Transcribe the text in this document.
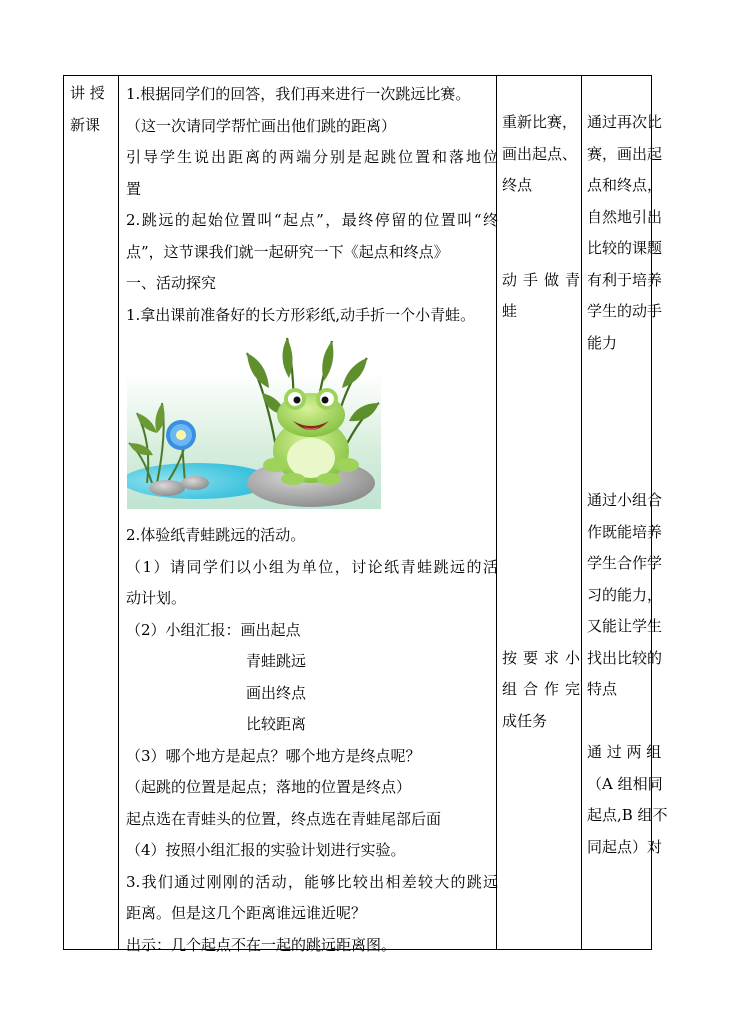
讲 授
新课
1.根据同学们的回答，我们再来进行一次跳远比赛。
（这一次请同学帮忙画出他们跳的距离）
引导学生说出距离的两端分别是起跳位置和落地位
置
2.跳远的起始位置叫“起点”，最终停留的位置叫“终
点”，这节课我们就一起研究一下《起点和终点》
一、活动探究
1.拿出课前准备好的长方形彩纸,动手折一个小青蛙。
2.体验纸青蛙跳远的活动。
（1）请同学们以小组为单位，讨论纸青蛙跳远的活
动计划。
（2）小组汇报：画出起点
青蛙跳远
画出终点
比较距离
（3）哪个地方是起点？哪个地方是终点呢？
（起跳的位置是起点；落地的位置是终点）
起点选在青蛙头的位置，终点选在青蛙尾部后面
（4）按照小组汇报的实验计划进行实验。
3.我们通过刚刚的活动，能够比较出相差较大的跳远
距离。但是这几个距离谁远谁近呢？
出示：几个起点不在一起的跳远距离图。
重新比赛，
画出起点、
终点
动手做青
蛙
按要求小
组合作完
成任务
通过再次比
赛，画出起
点和终点，
自然地引出
比较的课题
有利于培养
学生的动手
能力
通过小组合
作既能培养
学生合作学
习的能力，
又能让学生
找出比较的
特点
通 过 两 组
（A 组相同
起点,B 组不
同起点）对
